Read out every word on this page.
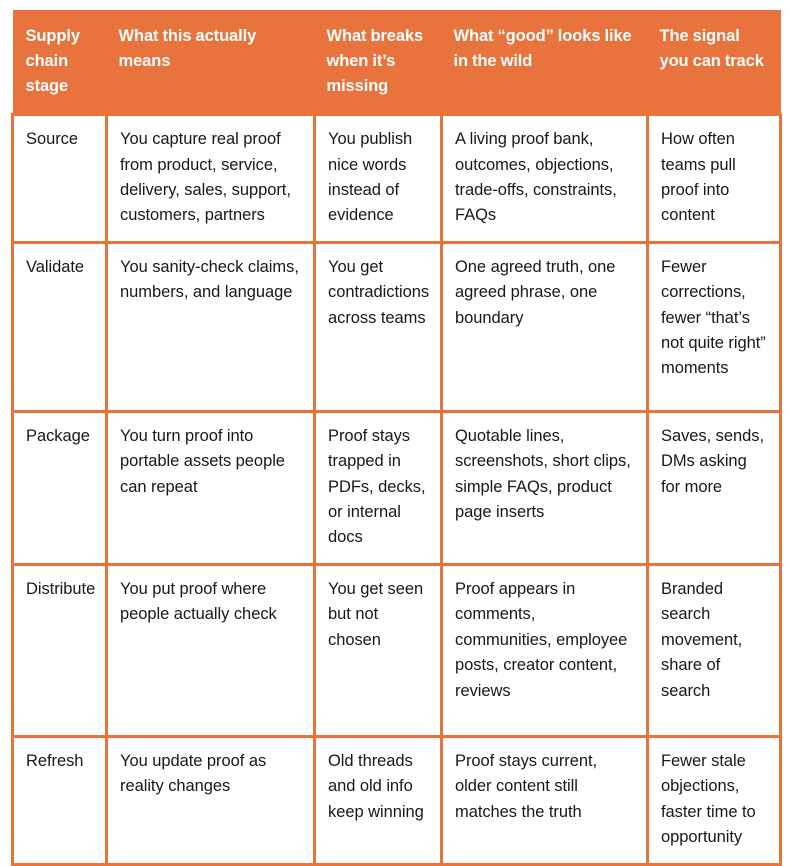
Supply chain stage	What this actually means	What breaks when it’s missing	What “good” looks like in the wild	The signal you can track
Source	You capture real proof from product, service, delivery, sales, support, customers, partners	You publish nice words instead of evidence	A living proof bank, outcomes, objections, trade-offs, constraints, FAQs	How often teams pull proof into content
Validate	You sanity-check claims, numbers, and language	You get contradictions across teams	One agreed truth, one agreed phrase, one boundary	Fewer corrections, fewer “that’s not quite right” moments
Package	You turn proof into portable assets people can repeat	Proof stays trapped in PDFs, decks, or internal docs	Quotable lines, screenshots, short clips, simple FAQs, product page inserts	Saves, sends, DMs asking for more
Distribute	You put proof where people actually check	You get seen but not chosen	Proof appears in comments, communities, employee posts, creator content, reviews	Branded search movement, share of search
Refresh	You update proof as reality changes	Old threads and old info keep winning	Proof stays current, older content still matches the truth	Fewer stale objections, faster time to opportunity
